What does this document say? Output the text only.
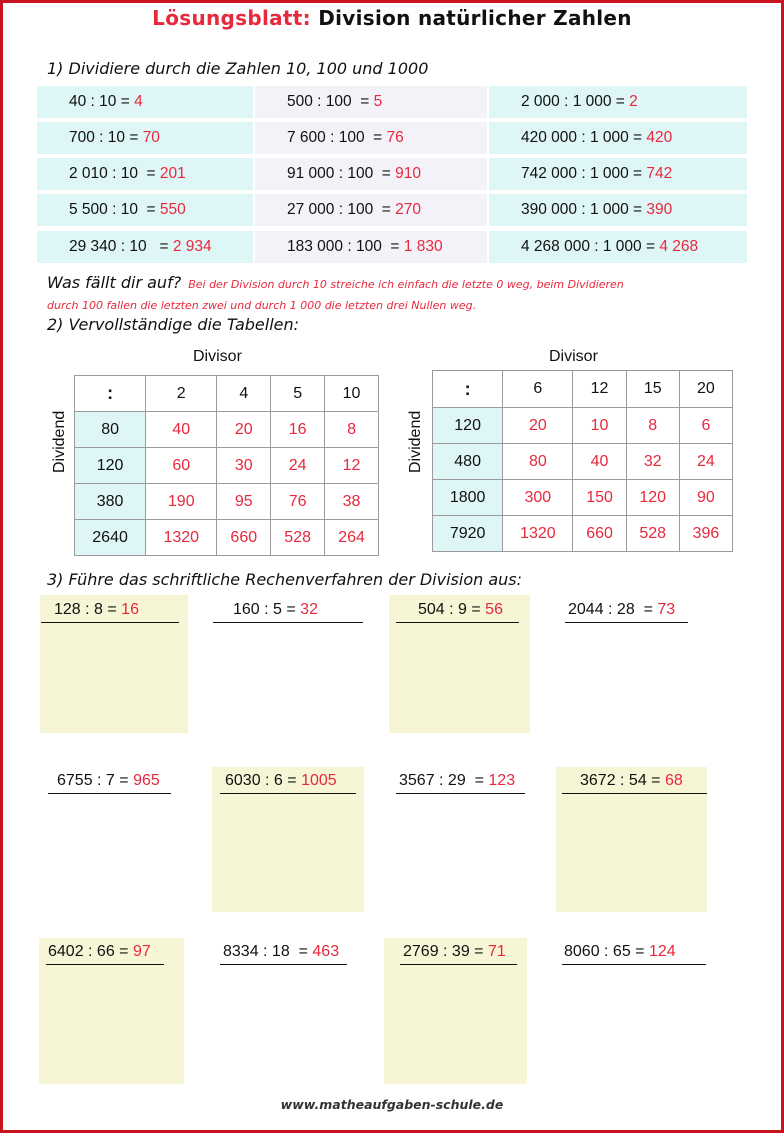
Lösungsblatt: Division natürlicher Zahlen
1) Dividiere durch die Zahlen 10, 100 und 1000
40 : 10 = 4	500 : 100  = 5	2 000 : 1 000 = 2
700 : 10 = 70	7 600 : 100  = 76	420 000 : 1 000 = 420
2 010 : 10  = 201	91 000 : 100  = 910	742 000 : 1 000 = 742
5 500 : 10  = 550	27 000 : 100  = 270	390 000 : 1 000 = 390
29 340 : 10   = 2 934	183 000 : 100  = 1 830	4 268 000 : 1 000 = 4 268
Was fällt dir auf? Bei der Division durch 10 streiche ich einfach die letzte 0 weg, beim Dividieren
durch 100 fallen die letzten zwei und durch 1 000 die letzten drei Nullen weg.
2) Vervollständige die Tabellen:
Divisor
Dividend
:	2	4	5	10
80	40	20	16	8
120	60	30	24	12
380	190	95	76	38
2640	1320	660	528	264
Divisor
Dividend
:	6	12	15	20
120	20	10	8	6
480	80	40	32	24
1800	300	150	120	90
7920	1320	660	528	396
3) Führe das schriftliche Rechenverfahren der Division aus:
128 : 8 = 16	160 : 5 = 32	504 : 9 = 56	2044 : 28  = 73
6755 : 7 = 965	6030 : 6 = 1005	3567 : 29  = 123	3672 : 54 = 68
6402 : 66 = 97	8334 : 18  = 463	2769 : 39 = 71	8060 : 65 = 124
www.matheaufgaben-schule.de
